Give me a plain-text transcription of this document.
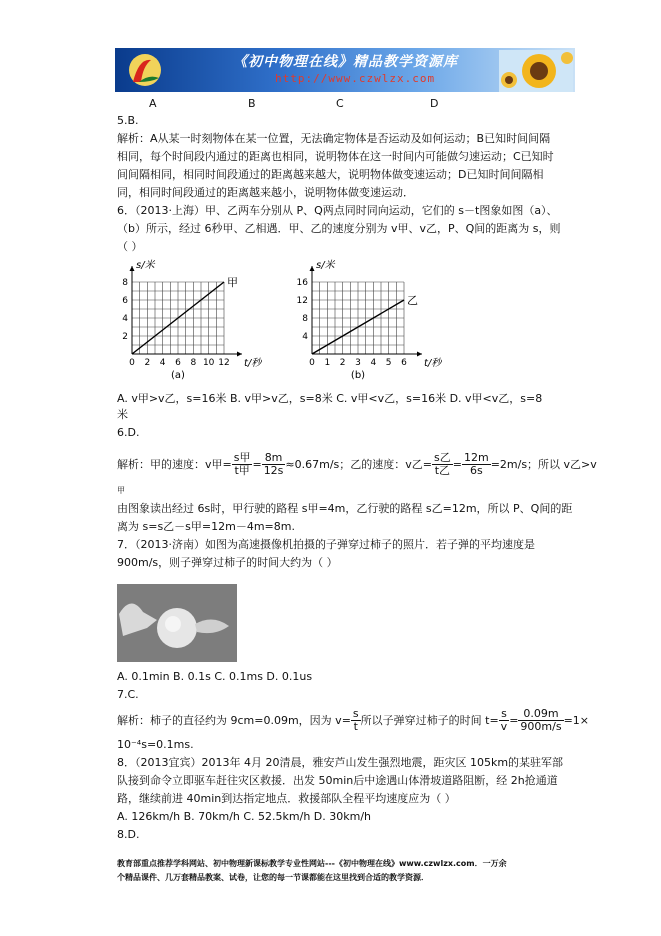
《初中物理在线》精品教学资源库
http://www.czwlzx.com
A	B	C	D
5.B.
解析：A从某一时刻物体在某一位置，无法确定物体是否运动及如何运动；B已知时间间隔
相同，每个时间段内通过的距离也相同，说明物体在这一时间内可能做匀速运动；C已知时
间间隔相同，相同时间段通过的距离越来越大，说明物体做变速运动；D已知时间间隔相
同，相同时间段通过的距离越来越小，说明物体做变速运动．
6．（2013·上海）甲、乙两车分别从 P、Q两点同时同向运动，它们的 s－t图象如图（a）、
（b）所示，经过 6秒甲、乙相遇．甲、乙的速度分别为 v甲、v乙，P、Q间的距离为 s，则
（ ）
0 2 4 6 8 10 12
2
4
6
8
s/米
t/秒
甲
(a)
0 1 2 3 4 5 6
4
8
12
16
s/米
t/秒
乙
(b)
A. v甲>v乙，s=16米 B. v甲>v乙，s=8米 C. v甲<v乙，s=16米 D. v甲<v乙，s=8
米
6.D.
解析：甲的速度：v甲= $\frac{\text{s甲}}{\text{t甲}} = \frac{8m}{12s} \approx 0.67m/s$；乙的速度：v乙= $\frac{\text{s乙}}{\text{t乙}} = \frac{12m}{6s} =2m/s$；所以 v乙>v
甲
由图象读出经过 6s时，甲行驶的路程 s甲=4m，乙行驶的路程 s乙=12m，所以 P、Q间的距
离为 s=s乙－s甲=12m－4m=8m.
7．（2013·济南）如图为高速摄像机拍摄的子弹穿过柿子的照片．若子弹的平均速度是
900m/s，则子弹穿过柿子的时间大约为（ ）
A. 0.1min B. 0.1s C. 0.1ms D. 0.1us
7.C.
解析：柿子的直径约为 9cm=0.09m，因为 $v= \frac{s}{t}$ 所以子弹穿过柿子的时间 $t= \frac{s}{v} = \frac{0.09m}{900m/s} =1\times$
10⁻⁴s=0.1ms.
8．（2013宜宾）2013年 4月 20清晨，雅安芦山发生强烈地震，距灾区 105km的某驻军部
队接到命令立即驱车赶往灾区救援．出发 50min后中途遇山体滑坡道路阻断，经 2h抢通道
路，继续前进 40min到达指定地点．救援部队全程平均速度应为（ ）
A. 126km/h B. 70km/h C. 52.5km/h D. 30km/h
8.D.
教育部重点推荐学科网站、初中物理新课标教学专业性网站---《初中物理在线》www.czwlzx.com．一万余
个精品课件、几万套精品教案、试卷，让您的每一节课都能在这里找到合适的教学资源．
